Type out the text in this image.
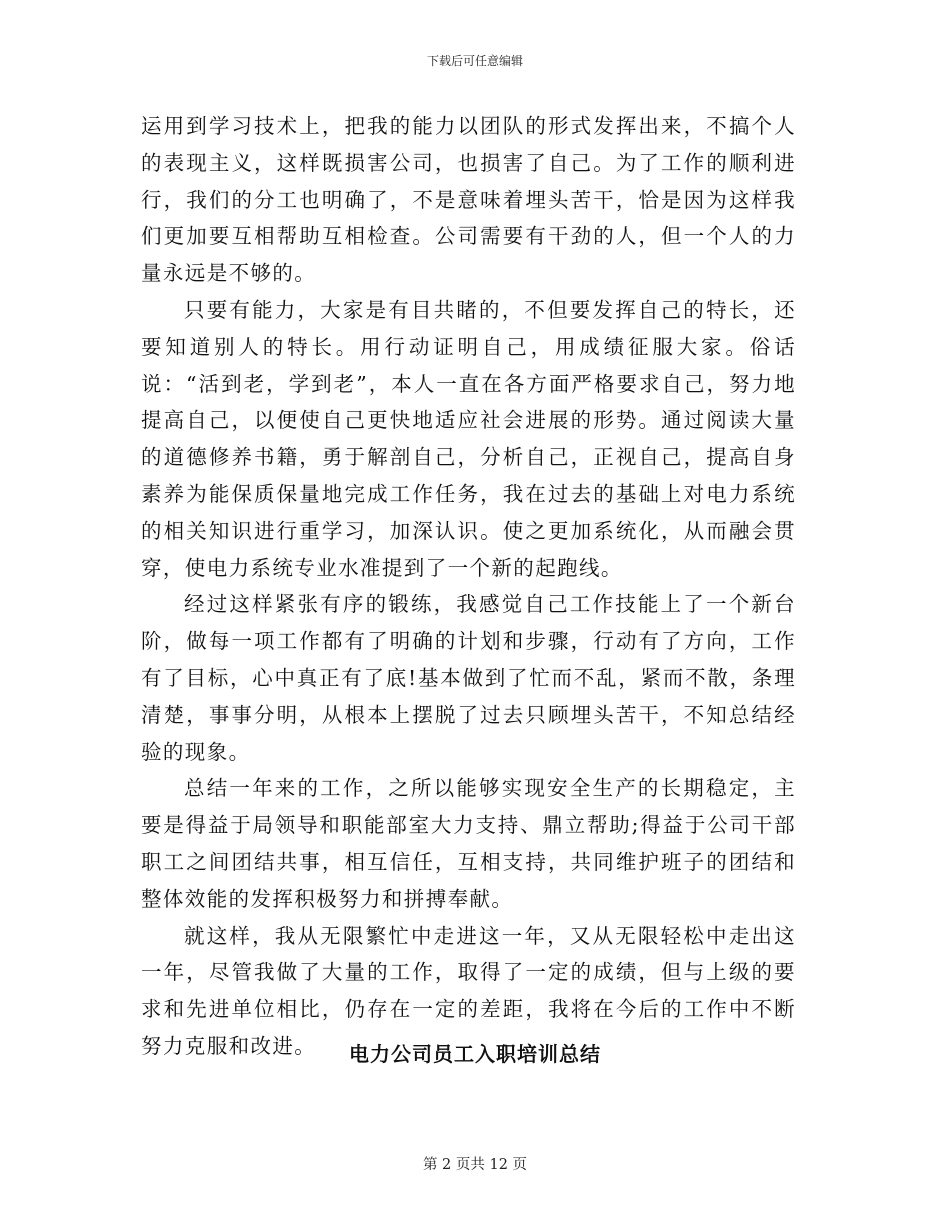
下载后可任意编辑

运用到学习技术上，把我的能力以团队的形式发挥出来，不搞个人的表现主义，这样既损害公司，也损害了自己。为了工作的顺利进行，我们的分工也明确了，不是意味着埋头苦干，恰是因为这样我们更加要互相帮助互相检查。公司需要有干劲的人，但一个人的力量永远是不够的。

只要有能力，大家是有目共睹的，不但要发挥自己的特长，还要知道别人的特长。用行动证明自己，用成绩征服大家。俗话说：“活到老，学到老”，本人一直在各方面严格要求自己，努力地提高自己，以便使自己更快地适应社会进展的形势。通过阅读大量的道德修养书籍，勇于解剖自己，分析自己，正视自己，提高自身素养为能保质保量地完成工作任务，我在过去的基础上对电力系统的相关知识进行重学习，加深认识。使之更加系统化，从而融会贯穿，使电力系统专业水准提到了一个新的起跑线。

经过这样紧张有序的锻练，我感觉自己工作技能上了一个新台阶，做每一项工作都有了明确的计划和步骤，行动有了方向，工作有了目标，心中真正有了底!基本做到了忙而不乱，紧而不散，条理清楚，事事分明，从根本上摆脱了过去只顾埋头苦干，不知总结经验的现象。

总结一年来的工作，之所以能够实现安全生产的长期稳定，主要是得益于局领导和职能部室大力支持、鼎立帮助;得益于公司干部职工之间团结共事，相互信任，互相支持，共同维护班子的团结和整体效能的发挥积极努力和拼搏奉献。

就这样，我从无限繁忙中走进这一年，又从无限轻松中走出这一年，尽管我做了大量的工作，取得了一定的成绩，但与上级的要求和先进单位相比，仍存在一定的差距，我将在今后的工作中不断努力克服和改进。	电力公司员工入职培训总结
第 2 页共 12 页
